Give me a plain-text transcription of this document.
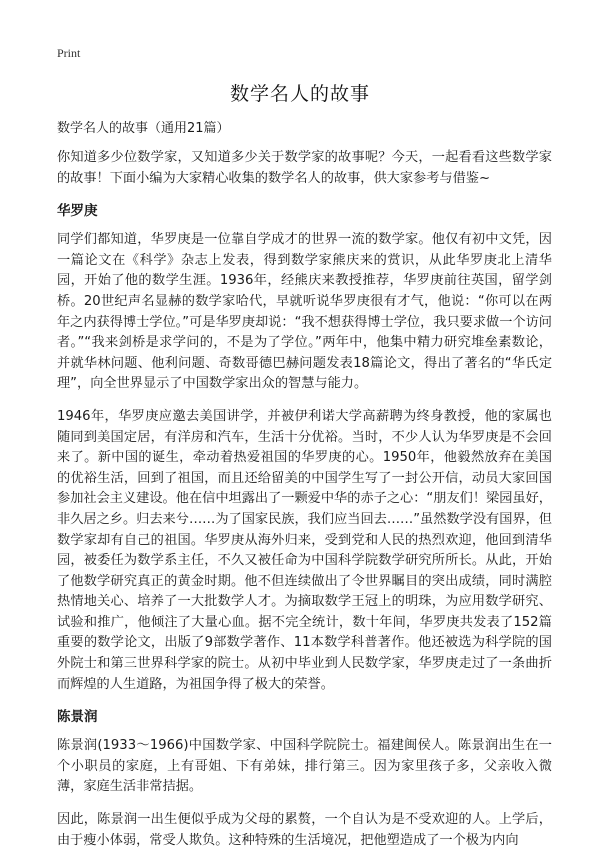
Print
数学名人的故事

数学名人的故事（通用21篇）

你知道多少位数学家，又知道多少关于数学家的故事呢？今天，一起看看这些数学家的故事！下面小编为大家精心收集的数学名人的故事，供大家参考与借鉴~

华罗庚

同学们都知道，华罗庚是一位靠自学成才的世界一流的数学家。他仅有初中文凭，因一篇论文在《科学》杂志上发表，得到数学家熊庆来的赏识，从此华罗庚北上清华园，开始了他的数学生涯。1936年，经熊庆来教授推荐，华罗庚前往英国，留学剑桥。20世纪声名显赫的数学家哈代，早就听说华罗庚很有才气，他说：“你可以在两年之内获得博士学位。”可是华罗庚却说：“我不想获得博士学位，我只要求做一个访问者。”“我来剑桥是求学问的，不是为了学位。”两年中，他集中精力研究堆垒素数论，并就华林问题、他利问题、奇数哥德巴赫问题发表18篇论文，得出了著名的“华氏定理”，向全世界显示了中国数学家出众的智慧与能力。

1946年，华罗庚应邀去美国讲学，并被伊利诺大学高薪聘为终身教授，他的家属也随同到美国定居，有洋房和汽车，生活十分优裕。当时，不少人认为华罗庚是不会回来了。新中国的诞生，牵动着热爱祖国的华罗庚的心。1950年，他毅然放弃在美国的优裕生活，回到了祖国，而且还给留美的中国学生写了一封公开信，动员大家回国参加社会主义建设。他在信中坦露出了一颗爱中华的赤子之心：“朋友们！梁园虽好，非久居之乡。归去来兮……为了国家民族，我们应当回去……”虽然数学没有国界，但数学家却有自己的祖国。华罗庚从海外归来，受到党和人民的热烈欢迎，他回到清华园，被委任为数学系主任，不久又被任命为中国科学院数学研究所所长。从此，开始了他数学研究真正的黄金时期。他不但连续做出了令世界瞩目的突出成绩，同时满腔热情地关心、培养了一大批数学人才。为摘取数学王冠上的明珠，为应用数学研究、试验和推广，他倾注了大量心血。据不完全统计，数十年间，华罗庚共发表了152篇重要的数学论文，出版了9部数学著作、11本数学科普著作。他还被选为科学院的国外院士和第三世界科学家的院士。从初中毕业到人民数学家，华罗庚走过了一条曲折而辉煌的人生道路，为祖国争得了极大的荣誉。

陈景润

陈景润(1933～1966)中国数学家、中国科学院院士。福建闽侯人。陈景润出生在一个小职员的家庭，上有哥姐、下有弟妹，排行第三。因为家里孩子多，父亲收入微薄，家庭生活非常拮据。

因此，陈景润一出生便似乎成为父母的累赘，一个自认为是不受欢迎的人。上学后，由于瘦小体弱，常受人欺负。这种特殊的生活境况，把他塑造成了一个极为内向
